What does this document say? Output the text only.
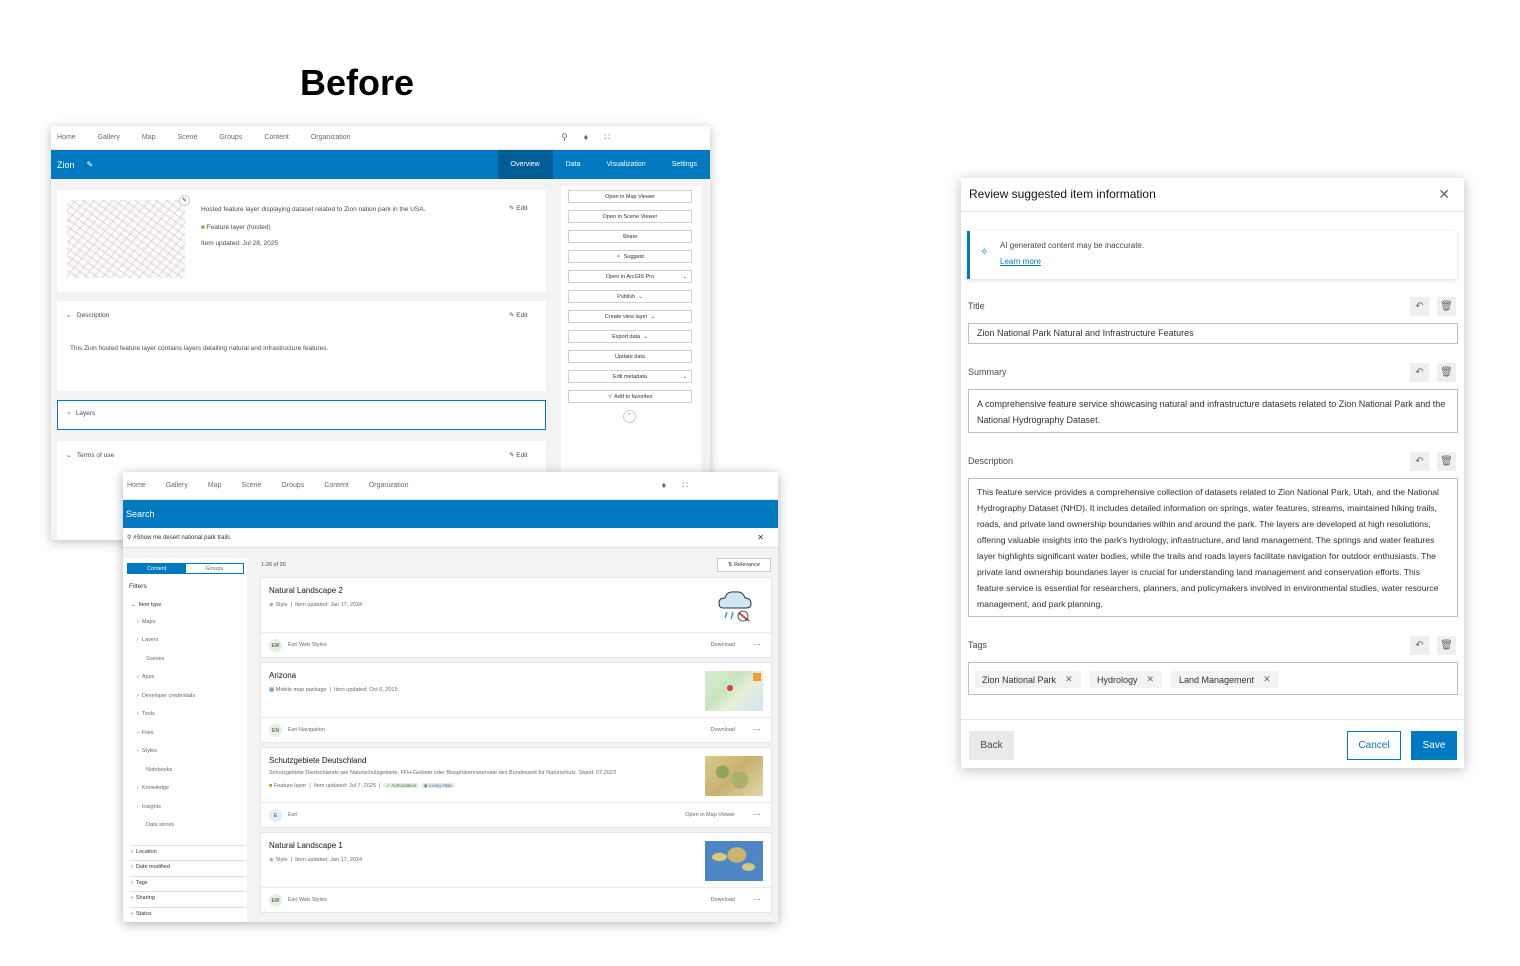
Before
Home	Gallery	Map	Scene	Groups	Content	Organization	⚲ ♦ ∷
Zion ✎	Overview	Data	Visualization	Settings
✎
Hosted feature layer displaying dataset related to Zion nation park in the USA.
■ Feature layer (hosted)
Item updated: Jul 28, 2025
✎ Edit
⌄   Description	✎ Edit
This Zion hosted feature layer contains layers detailing natural and infrastructure features.
›   Layers
⌄   Terms of use	✎ Edit
Open in Map Viewer
Open in Scene Viewer
Share
✧
Suggest
Open in ArcGIS Pro	⌄
Publish
⌄
Create view layer
⌄
Export data
⌄
Update data
Edit metadata	⌄
☆
Add to favorites
⌃
Home	Gallery	Map	Scene	Groups	Content	Organization	♦ ∷
Search
⚲
#Show me desert national park trails	✕
Content	Groups
Filters
⌄  Item type
›  Maps
›  Layers
Scenes
›  Apps
›  Developer credentials
›  Tools
›  Files
›  Styles
Notebooks
›  Knowledge
›  Insights
Data stores
›  Location
›  Date modified
›  Tags
›  Sharing
›  Status
1-26 of 26	⇅
Relevance
Natural Landscape 2
◉ Style  |  Item updated: Jan 17, 2024
EW	Esri Web Styles	Download ⋯
Arizona
▦ Mobile map package  |  Item updated: Oct 6, 2015
EN	Esri Navigation	Download ⋯
Schutzgebiete Deutschland
Schutzgebiete Deutschlands wie Naturschutzgebiete, FFH-Gebiete oder Biosphärenreservate des Bundesamt für Naturschutz. Stand: 07.2023
■ Feature layer  |  Item updated: Jul 7, 2025  |  ✓ Authoritative ◉ Living Atlas
E	Esri	Open in Map Viewer ⋯
Natural Landscape 1
◉ Style  |  Item updated: Jan 17, 2024
EW	Esri Web Styles	Download ⋯
Review suggested item information	✕
✧
AI generated content may be inaccurate.
Learn more
Title	↶	🗑
Zion National Park Natural and Infrastructure Features
Summary	↶	🗑
A comprehensive feature service showcasing natural and infrastructure datasets related to Zion National Park and the National Hydrography Dataset.
Description	↶	🗑
This feature service provides a comprehensive collection of datasets related to Zion National Park, Utah, and the National Hydrography Dataset (NHD). It includes detailed information on springs, water features, streams, maintained hiking trails, roads, and private land ownership boundaries within and around the park. The layers are developed at high resolutions, offering valuable insights into the park's hydrology, infrastructure, and land management. The springs and water features layer highlights significant water bodies, while the trails and roads layers facilitate navigation for outdoor enthusiasts. The private land ownership boundaries layer is crucial for understanding land management and conservation efforts. This feature service is essential for researchers, planners, and policymakers involved in environmental studies, water resource management, and park planning.
Tags	↶	🗑
Zion National Park ✕	Hydrology ✕	Land Management ✕
Back	Cancel	Save
